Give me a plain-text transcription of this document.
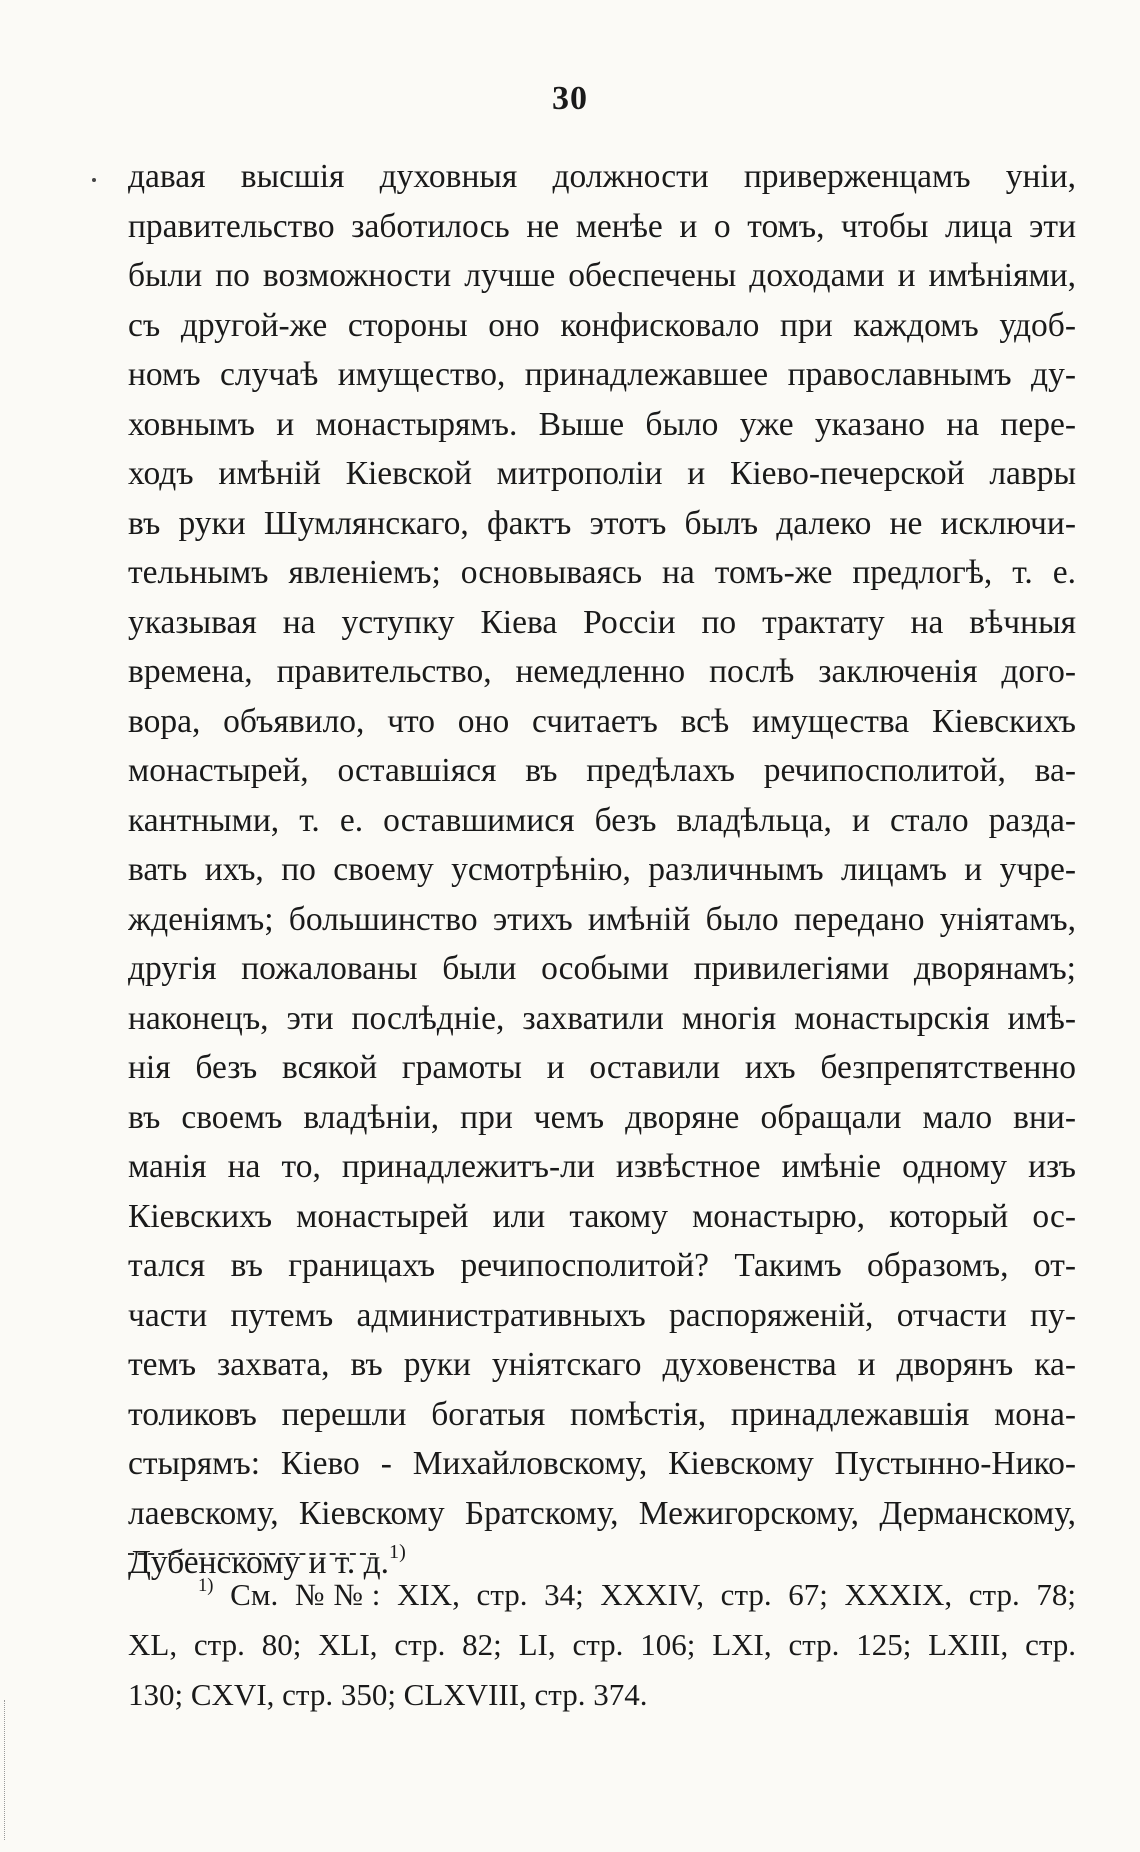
30
давая высшія духовныя должности приверженцамъ уніи,
правительство заботилось не менѣе и о томъ, чтобы лица эти
были по возможности лучше обеспечены доходами и имѣніями,
съ другой-же стороны оно конфисковало при каждомъ удоб-
номъ случаѣ имущество, принадлежавшее православнымъ ду-
ховнымъ и монастырямъ. Выше было уже указано на пере-
ходъ имѣній Кіевской митрополіи и Кіево-печерской лавры
въ руки Шумлянскаго, фактъ этотъ былъ далеко не исключи-
тельнымъ явленіемъ; основываясь на томъ-же предлогѣ, т. е.
указывая на уступку Кіева Россіи по трактату на вѣчныя
времена, правительство, немедленно послѣ заключенія дого-
вора, объявило, что оно считаетъ всѣ имущества Кіевскихъ
монастырей, оставшіяся въ предѣлахъ речипосполитой, ва-
кантными, т. е. оставшимися безъ владѣльца, и стало разда-
вать ихъ, по своему усмотрѣнію, различнымъ лицамъ и учре-
жденіямъ; большинство этихъ имѣній было передано уніятамъ,
другія пожалованы были особыми привилегіями дворянамъ;
наконецъ, эти послѣдніе, захватили многія монастырскія имѣ-
нія безъ всякой грамоты и оставили ихъ безпрепятственно
въ своемъ владѣніи, при чемъ дворяне обращали мало вни-
манія на то, принадлежитъ-ли извѣстное имѣніе одному изъ
Кіевскихъ монастырей или такому монастырю, который ос-
тался въ границахъ речипосполитой? Такимъ образомъ, от-
части путемъ административныхъ распоряженій, отчасти пу-
темъ захвата, въ руки уніятскаго духовенства и дворянъ ка-
толиковъ перешли богатыя помѣстія, принадлежавшія мона-
стырямъ: Кіево - Михайловскому, Кіевскому Пустынно-Нико-
лаевскому, Кіевскому Братскому, Межигорскому, Дерманскому,
Дубенскому и т. д.$^{1)}$
$^{1)}$ См. №№: XIX, стр. 34; XXXIV, стр. 67; XXXIX, стр. 78;
XL, стр. 80; XLI, стр. 82; LI, стр. 106; LXI, стр. 125; LXIII, стр.
130; CXVI, стр. 350; CLXVIII, стр. 374.
